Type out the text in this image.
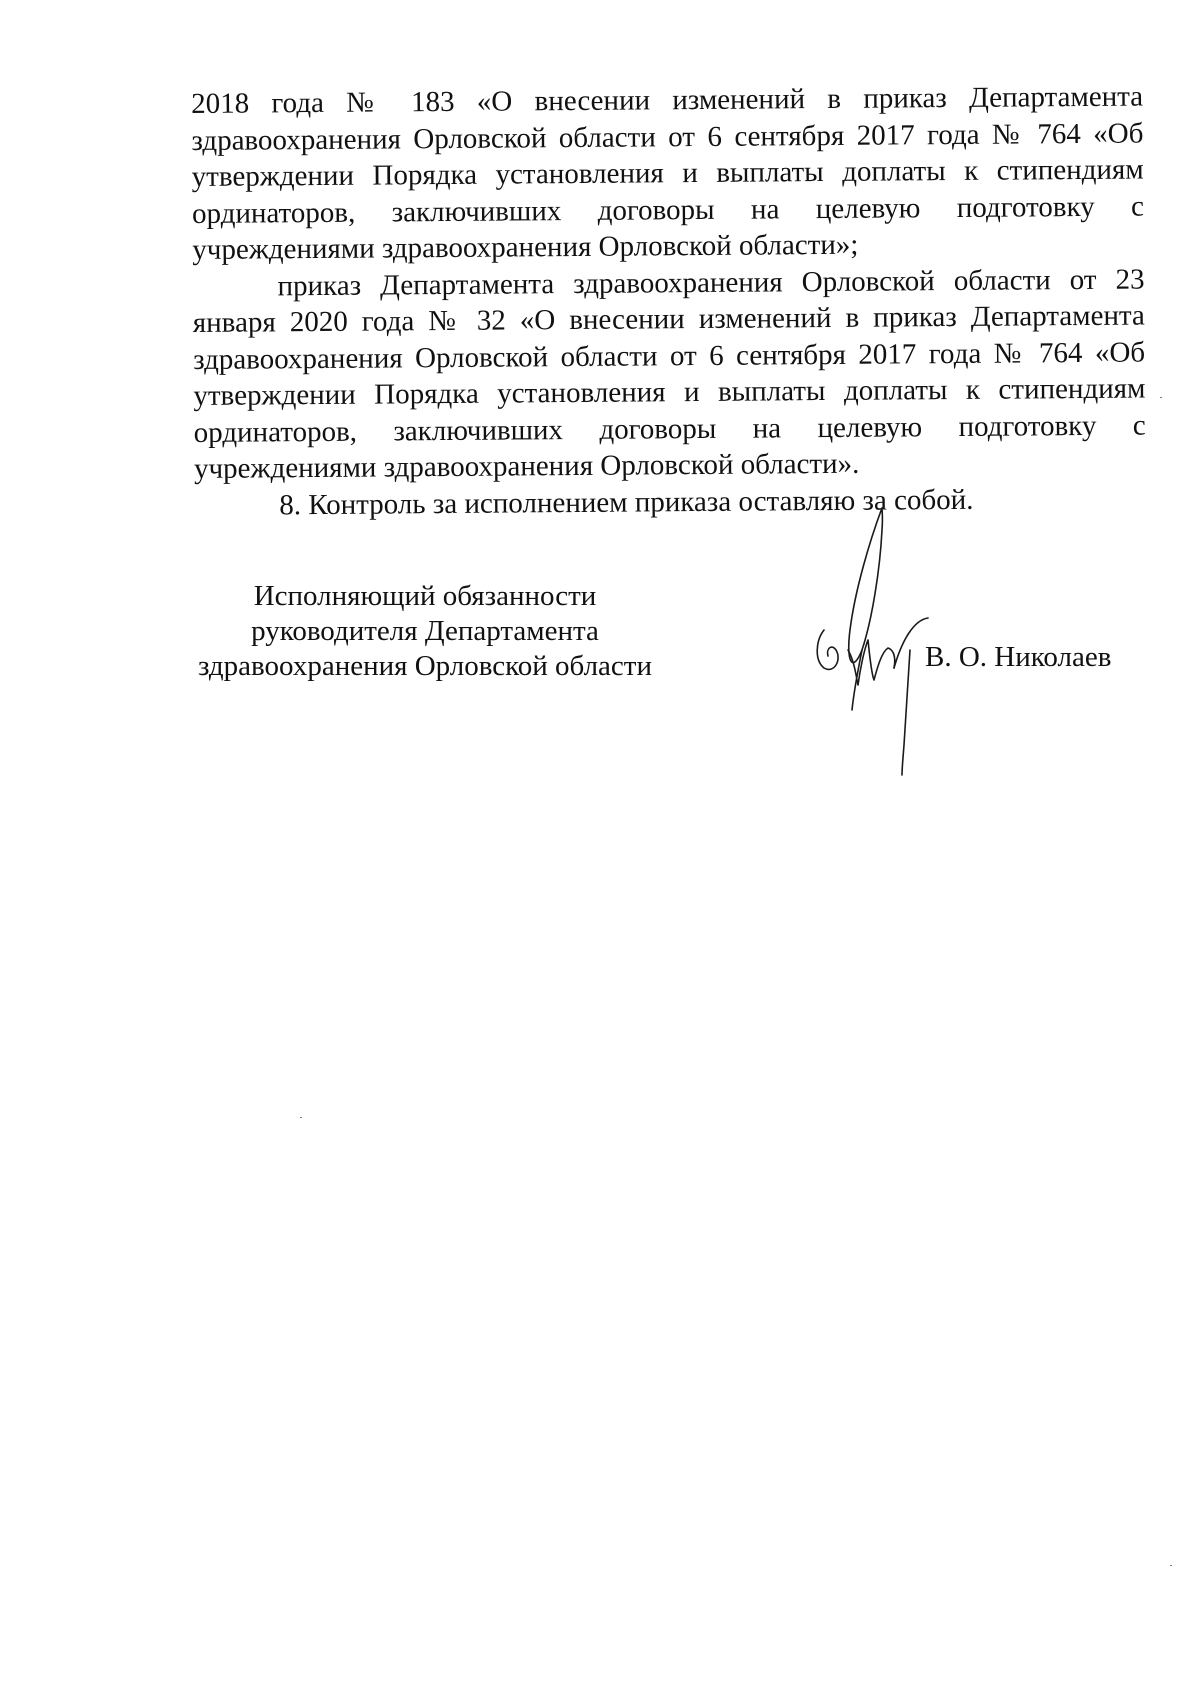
2018 года № 183 «О внесении изменений в приказ Департамента здравоохранения Орловской области от 6 сентября 2017 года № 764 «Об утверждении Порядка установления и выплаты доплаты к стипендиям ординаторов, заключивших договоры на целевую подготовку с учреждениями здравоохранения Орловской области»;

приказ Департамента здравоохранения Орловской области от 23 января 2020 года № 32 «О внесении изменений в приказ Департамента здравоохранения Орловской области от 6 сентября 2017 года № 764 «Об утверждении Порядка установления и выплаты доплаты к стипендиям ординаторов, заключивших договоры на целевую подготовку с учреждениями здравоохранения Орловской области».

8. Контроль за исполнением приказа оставляю за собой.

Исполняющий обязанности
руководителя Департамента
здравоохранения Орловской области	В. О. Николаев
